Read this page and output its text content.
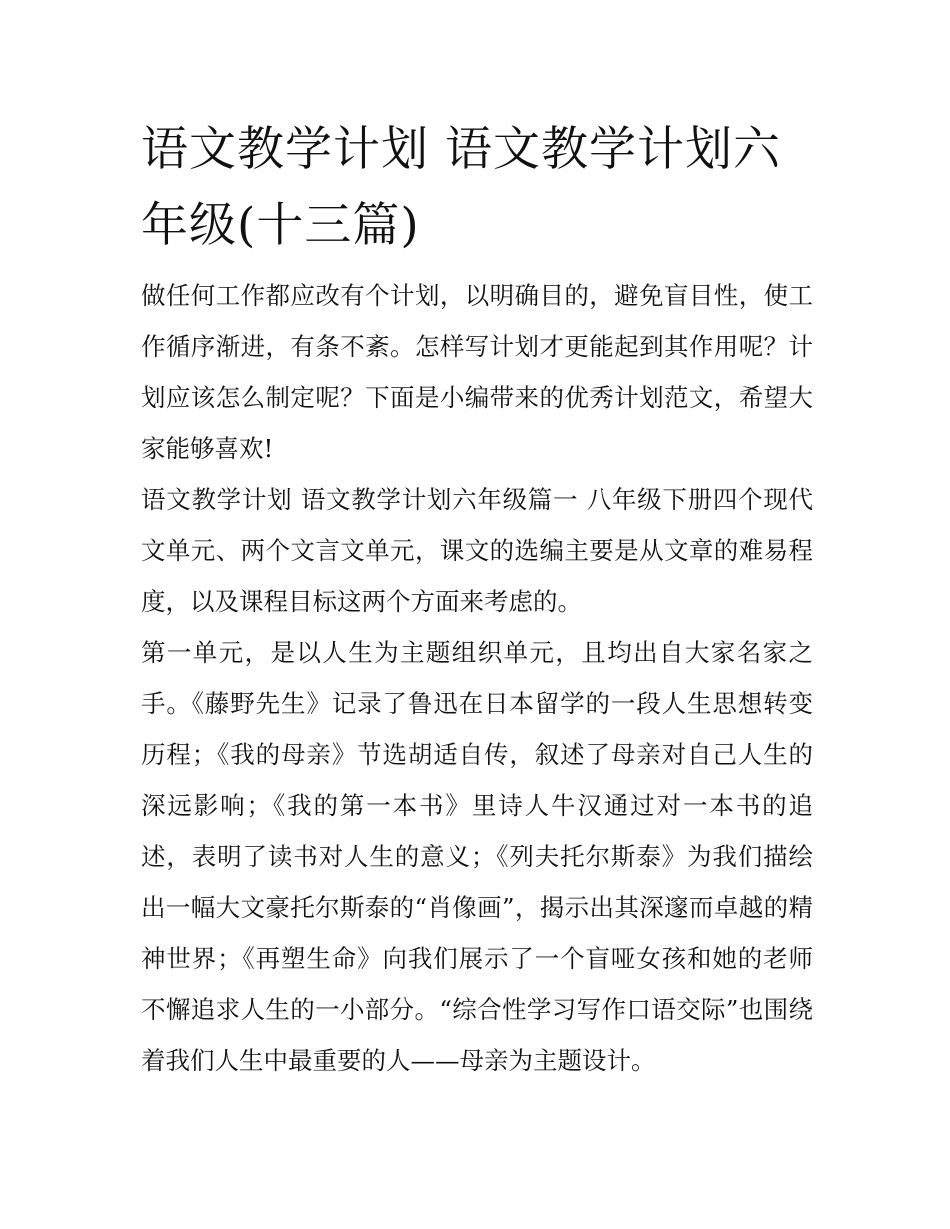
语文教学计划 语文教学计划六年级(十三篇)

做任何工作都应改有个计划，以明确目的，避免盲目性，使工作循序渐进，有条不紊。怎样写计划才更能起到其作用呢？计划应该怎么制定呢？下面是小编带来的优秀计划范文，希望大家能够喜欢!

语文教学计划 语文教学计划六年级篇一 八年级下册四个现代文单元、两个文言文单元，课文的选编主要是从文章的难易程度，以及课程目标这两个方面来考虑的。

第一单元，是以人生为主题组织单元，且均出自大家名家之手。《藤野先生》记录了鲁迅在日本留学的一段人生思想转变历程；《我的母亲》节选胡适自传，叙述了母亲对自己人生的深远影响；《我的第一本书》里诗人牛汉通过对一本书的追述，表明了读书对人生的意义；《列夫托尔斯泰》为我们描绘出一幅大文豪托尔斯泰的“肖像画”，揭示出其深邃而卓越的精神世界；《再塑生命》向我们展示了一个盲哑女孩和她的老师不懈追求人生的一小部分。“综合性学习写作口语交际”也围绕着我们人生中最重要的人——母亲为主题设计。
